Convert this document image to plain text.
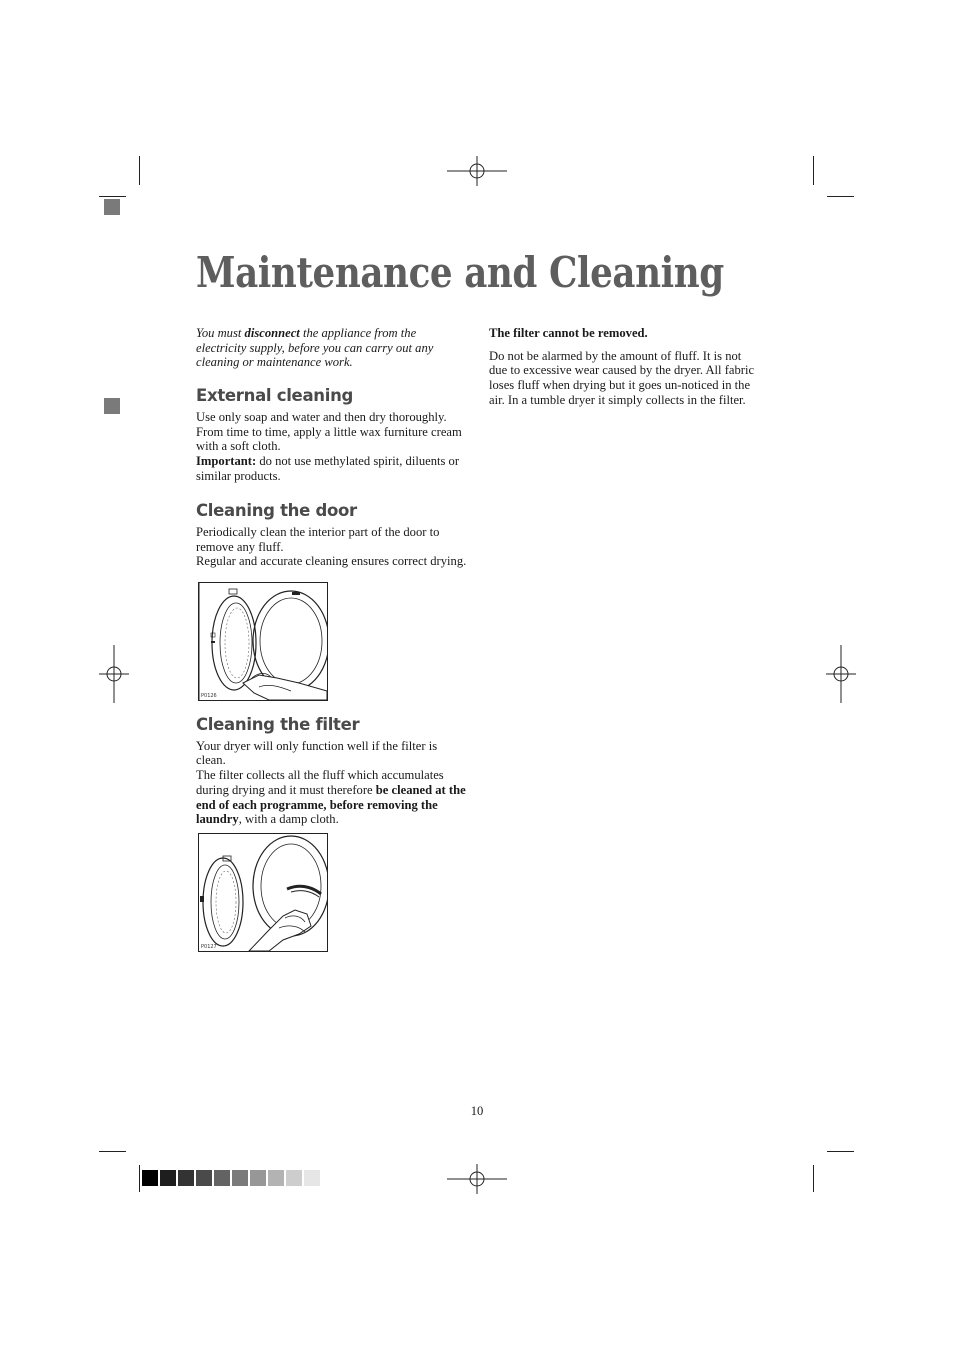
Maintenance and Cleaning

You must disconnect the appliance from the electricity supply, before you can carry out any cleaning or maintenance work.

External cleaning

Use only soap and water and then dry thoroughly. From time to time, apply a little wax furniture cream with a soft cloth.

Important: do not use methylated spirit, diluents or similar products.

Cleaning the door

Periodically clean the interior part of the door to remove any fluff.

Regular and accurate cleaning ensures correct drying.

P0126
Cleaning the filter

Your dryer will only function well if the filter is clean.

The filter collects all the fluff which accumulates during drying and it must therefore be cleaned at the end of each programme, before removing the laundry, with a damp cloth.

P0127

The filter cannot be removed.

Do not be alarmed by the amount of fluff. It is not due to excessive wear caused by the dryer. All fabric loses fluff when drying but it goes un-noticed in the air. In a tumble dryer it simply collects in the filter.

10
